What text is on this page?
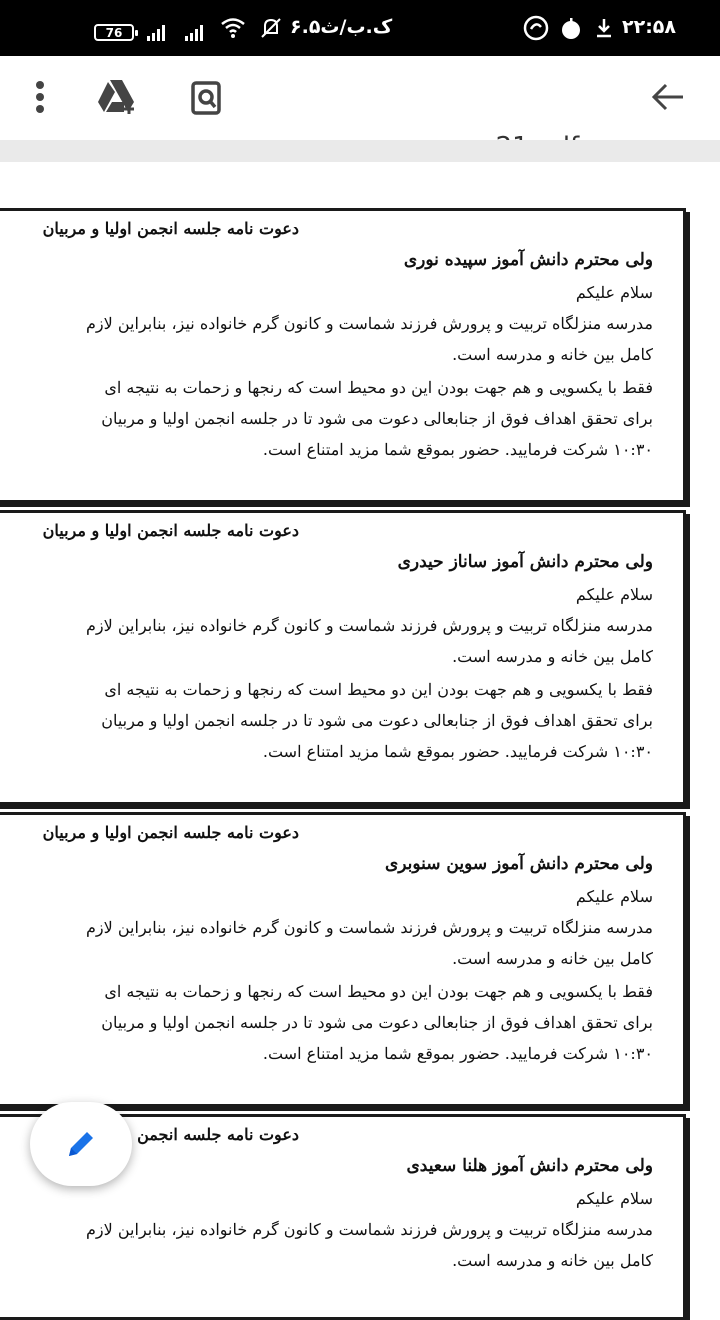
76	۶.۵ک.ب/ث	۲۲:۵۸
دعوت نامه جلسه انجمن اولیا و مربیان
ولی محترم دانش آموز سپیده نوری
سلام علیکم
مدرسه منزلگاه تربیت و پرورش فرزند شماست و کانون گرم خانواده نیز، بنابراین لازم
کامل بین خانه و مدرسه است.
فقط با یکسویی و هم جهت بودن این دو محیط است که رنجها و زحمات به نتیجه ای
برای تحقق اهداف فوق از جنابعالی دعوت می شود تا در جلسه انجمن اولیا و مربیان
۱۰:۳۰ شرکت فرمایید. حضور بموقع شما مزید امتناع است.
دعوت نامه جلسه انجمن اولیا و مربیان
ولی محترم دانش آموز ساناز حیدری
سلام علیکم
مدرسه منزلگاه تربیت و پرورش فرزند شماست و کانون گرم خانواده نیز، بنابراین لازم
کامل بین خانه و مدرسه است.
فقط با یکسویی و هم جهت بودن این دو محیط است که رنجها و زحمات به نتیجه ای
برای تحقق اهداف فوق از جنابعالی دعوت می شود تا در جلسه انجمن اولیا و مربیان
۱۰:۳۰ شرکت فرمایید. حضور بموقع شما مزید امتناع است.
دعوت نامه جلسه انجمن اولیا و مربیان
ولی محترم دانش آموز سوین سنوبری
سلام علیکم
مدرسه منزلگاه تربیت و پرورش فرزند شماست و کانون گرم خانواده نیز، بنابراین لازم
کامل بین خانه و مدرسه است.
فقط با یکسویی و هم جهت بودن این دو محیط است که رنجها و زحمات به نتیجه ای
برای تحقق اهداف فوق از جنابعالی دعوت می شود تا در جلسه انجمن اولیا و مربیان
۱۰:۳۰ شرکت فرمایید. حضور بموقع شما مزید امتناع است.
دعوت نامه جلسه انجمن
ولی محترم دانش آموز هلنا سعیدی
سلام علیکم
مدرسه منزلگاه تربیت و پرورش فرزند شماست و کانون گرم خانواده نیز، بنابراین لازم
کامل بین خانه و مدرسه است.
